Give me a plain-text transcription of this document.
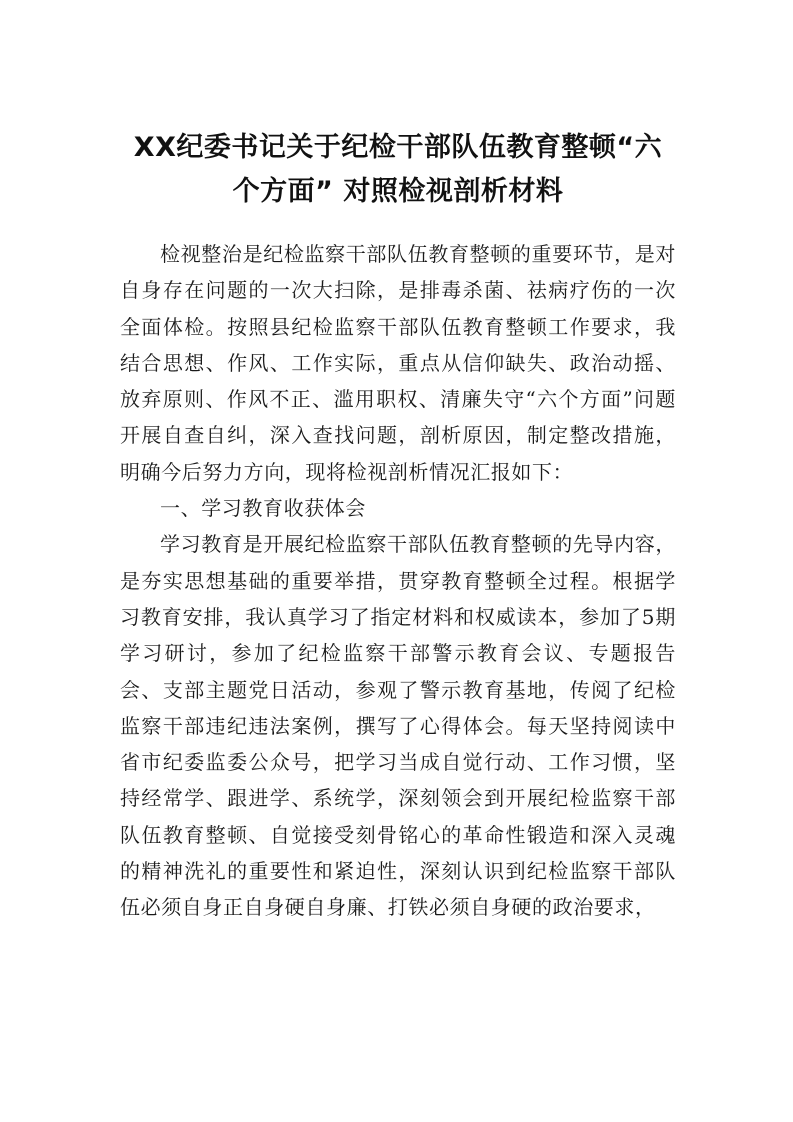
XX纪委书记关于纪检干部队伍教育整顿“六
个方面” 对照检视剖析材料

检视整治是纪检监察干部队伍教育整顿的重要环节，是对自身存在问题的一次大扫除，是排毒杀菌、祛病疗伤的一次全面体检。按照县纪检监察干部队伍教育整顿工作要求，我结合思想、作风、工作实际，重点从信仰缺失、政治动摇、放弃原则、作风不正、滥用职权、清廉失守“六个方面”问题开展自查自纠，深入查找问题，剖析原因，制定整改措施，明确今后努力方向，现将检视剖析情况汇报如下：

一、学习教育收获体会

学习教育是开展纪检监察干部队伍教育整顿的先导内容，是夯实思想基础的重要举措，贯穿教育整顿全过程。根据学习教育安排，我认真学习了指定材料和权威读本，参加了5期学习研讨，参加了纪检监察干部警示教育会议、专题报告会、支部主题党日活动，参观了警示教育基地，传阅了纪检监察干部违纪违法案例，撰写了心得体会。每天坚持阅读中省市纪委监委公众号，把学习当成自觉行动、工作习惯，坚持经常学、跟进学、系统学，深刻领会到开展纪检监察干部队伍教育整顿、自觉接受刻骨铭心的革命性锻造和深入灵魂的精神洗礼的重要性和紧迫性，深刻认识到纪检监察干部队伍必须自身正自身硬自身廉、打铁必须自身硬的政治要求，
